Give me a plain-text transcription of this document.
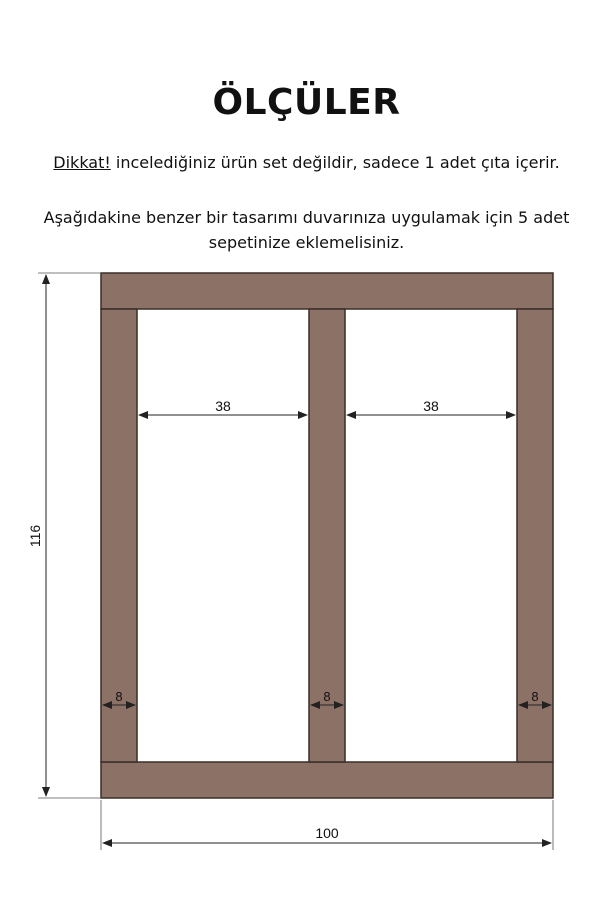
ÖLÇÜLER
Dikkat! incelediğiniz ürün set değildir, sadece 1 adet çıta içerir.
Aşağıdakine benzer bir tasarımı duvarınıza uygulamak için 5 adet
sepetinize eklemelisiniz.
116
100
38	38
8	8	8
